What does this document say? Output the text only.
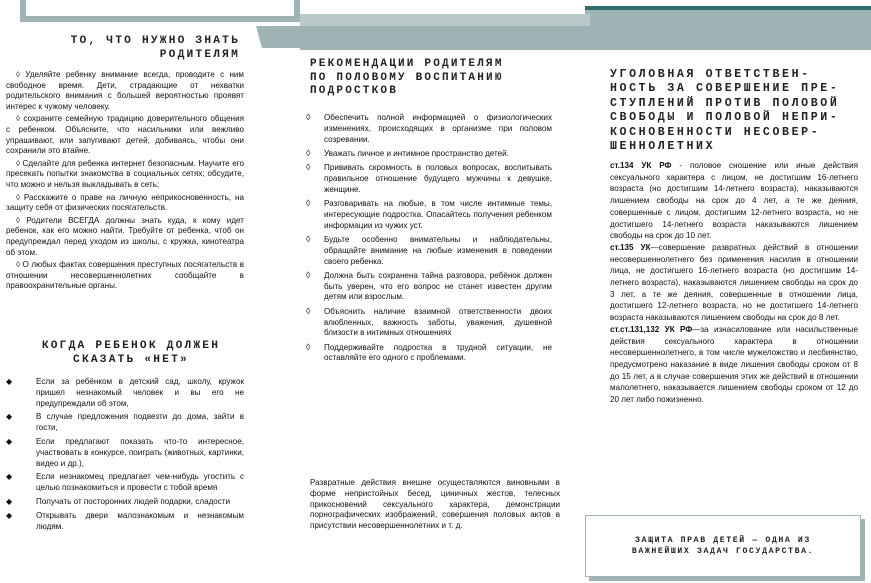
ТО, ЧТО НУЖНО ЗНАТЬ
РОДИТЕЛЯМ

◊ Уделяйте ребенку внимание всегда, проводите с ним свободное время. Дети, страдающие от нехватки родительского внимания с большей вероятностью проявят интерес к чужому человеку.

◊ сохраните семейную традицию доверительного общения с ребенком. Объясните, что насильники или вежливо упрашивают, или запугивают детей, добиваясь, чтобы они сохранили это втайне.

◊ Сделайте для ребенка интернет безопасным. Научите его пресекать попытки знакомства в социальных сетях; обсудите, что можно и нельзя выкладывать в сеть;

◊ Расскажите о праве на личную неприкосновенность, на защиту себя от физических посягательств.

◊ Родители ВСЕГДА должны знать куда, к кому идет ребенок, как его можно найти. Требуйте от ребенка, чтоб он предупреждал перед уходом из школы, с кружка, кинотеатра об этом.

◊ О любых фактах совершения преступных посягательств в отношении несовершеннолетних сообщайте в правоохранительные органы.

КОГДА РЕБЕНОК ДОЛЖЕН
СКАЗАТЬ «НЕТ»
◆	Если за ребёнком в детский сад, школу, кружок пришел незнакомый человек и вы его не предупреждали об этом,
◆	В случае предложения подвезти до дома, зайти в гости,
◆	Если предлагают показать что-то интересное, участвовать в конкурсе, поиграть (животных, картинки, видео и др.),
◆	Если незнакомец предлагает чем-нибудь угостить с целью познакомиться и провести с тобой время
◆	Получать от посторонних людей подарки, сладости
◆	Открывать двери малознакомым и незнакомым людям.
РЕКОМЕНДАЦИИ РОДИТЕЛЯМ
ПО ПОЛОВОМУ ВОСПИТАНИЮ
ПОДРОСТКОВ
◊ Обеспечить полной информацией о физиологических изменениях, происходящих в организме при половом созревании.
◊ Уважать личное и интимное пространство детей.
◊ Прививать скромность в половых вопросах, воспитывать правильное отношение будущего мужчины к девушке, женщине.
◊ Разговаривать на любые, в том числе интимные темы, интересующие подростка. Опасайтесь получения ребенком информации из чужих уст.
◊ Будьте особенно внимательны и наблюдательны, обращайте внимание на любые изменения в поведении своего ребенка.
◊ Должна быть сохранена тайна разговора, ребёнок должен быть уверен, что его вопрос не станет известен другим детям или взрослым.
◊ Объяснить наличие взаимной ответственности двоих влюбленных, важность заботы, уважения, душевной близости в интимных отношениях
◊ Поддерживайте подростка в трудной ситуации, не оставляйте его одного с проблемами.

Развратные действия внешне осуществляются виновными в форме непристойных бесед, циничных жестов, телесных прикосновений сексуального характера, демонстрации порнографических изображений, совершения половых актов в присутствии несовершеннолетних и т. д.

УГОЛОВНАЯ ОТВЕТСТВЕН-
НОСТЬ ЗА СОВЕРШЕНИЕ ПРЕ-
СТУПЛЕНИЙ ПРОТИВ ПОЛОВОЙ
СВОБОДЫ И ПОЛОВОЙ НЕПРИ-
КОСНОВЕННОСТИ НЕСОВЕР-
ШЕННОЛЕТНИХ

ст.134 УК РФ - половое сношение или иные действия сексуального характера с лицом, не достигшим 16-летнего возраста (но достигшим 14-летнего возраста), наказываются лишением свободы на срок до 4 лет, а те же деяния, совершенные с лицом, достигшим 12-летнего возраста, но не достигшего 14-летнего возраста наказываются лишением свободы на срок до 10 лет.
ст.135 УК—совершение развратных действий в отношении несовершеннолетнего без применения насилия в отношении лица, не достигшего 16-летнего возраста (но достигшим 14-летнего возраста), наказываются лишением свободы на срок до 3 лет, а те же деяния, совершенные в отношении лица, достигшего 12-летнего возраста, но не достигшего 14-летнего возраста наказываются лишением свободы на срок до 8 лет.
ст.ст.131,132 УК РФ—за изнасилование или насильственные действия сексуального характера в отношении несовершеннолетнего, в том числе мужеложство и лесбиянство, предусмотрено наказание в виде лишения свободы сроком от 8 до 15 лет, а в случае совершения этих же действий в отношении малолетнего, наказывается лишением свободы сроком от 12 до 20 лет либо пожизненно.

ЗАЩИТА ПРАВ ДЕТЕЙ — ОДНА ИЗ
ВАЖНЕЙШИХ ЗАДАЧ ГОСУДАРСТВА.
